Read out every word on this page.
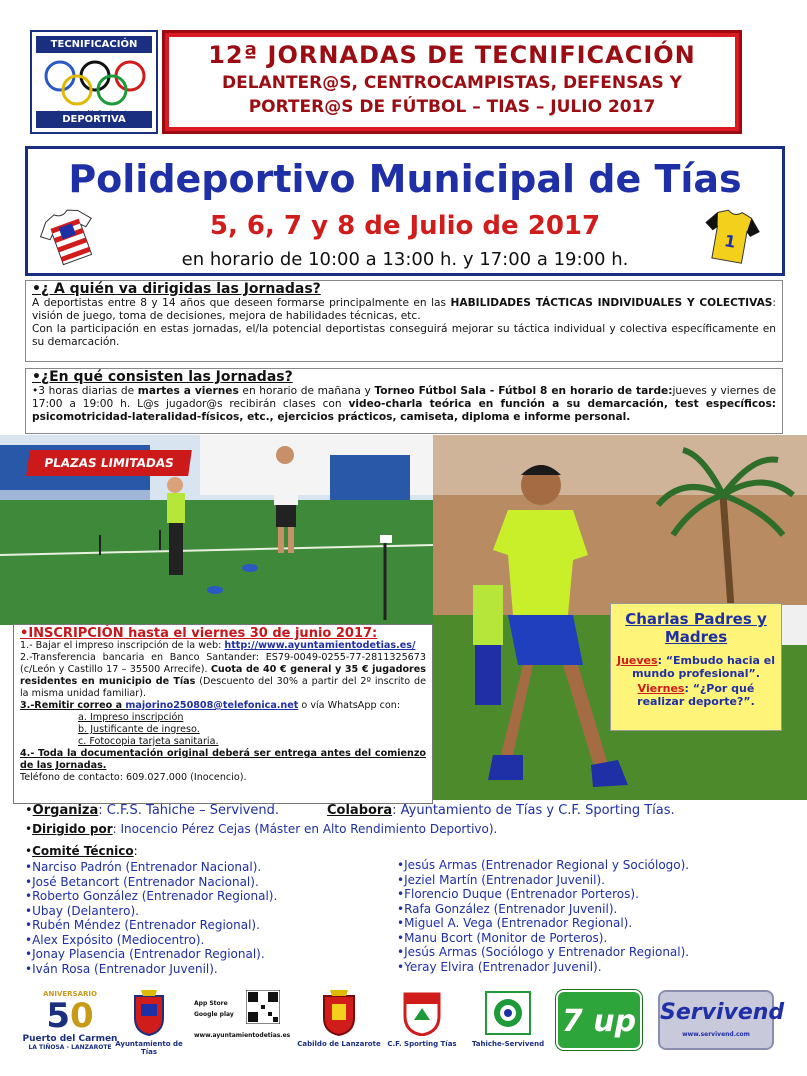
TECNIFICACIÓN
DEPORTIVA
12ª JORNADAS DE TECNIFICACIÓN
DELANTER@S, CENTROCAMPISTAS, DEFENSAS Y
PORTER@S DE FÚTBOL – TIAS – JULIO 2017
Polideportivo Municipal de Tías
5, 6, 7 y 8 de Julio de 2017
en horario de 10:00 a 13:00 h. y 17:00 a 19:00 h.
1
•¿ A quién va dirigidas las Jornadas?

A deportistas entre 8 y 14 años que deseen formarse principalmente en las HABILIDADES TÁCTICAS INDIVIDUALES Y COLECTIVAS: visión de juego, toma de decisiones, mejora de habilidades técnicas, etc.

Con la participación en estas jornadas, el/la potencial deportistas conseguirá mejorar su táctica individual y colectiva específicamente en su demarcación.

•¿En qué consisten las Jornadas?

•3 horas diarias de martes a viernes en horario de mañana y Torneo Fútbol Sala - Fútbol 8 en horario de tarde:jueves y viernes de 17:00 a 19:00 h. L@s jugador@s recibirán clases con video-charla teórica en función a su demarcación, test específicos: psicomotricidad-lateralidad-físicos, etc., ejercicios prácticos, camiseta, diploma e informe personal.

PLAZAS LIMITADAS
•INSCRIPCIÓN hasta el viernes 30 de junio 2017:
1.- Bajar el impreso inscripción de la web: http://www.ayuntamientodetias.es/
2.-Transferencia bancaria en Banco Santander: ES79-0049-0255-77-2811325673 (c/León y Castillo 17 – 35500 Arrecife). Cuota de 40 € general y 35 € jugadores residentes en municipio de Tías (Descuento del 30% a partir del 2º inscrito de la misma unidad familiar).
3.-Remitir correo a majorino250808@telefonica.net o vía WhatsApp con:
a. Impreso inscripción
b. Justificante de ingreso.
c. Fotocopia tarjeta sanitaria.
4.- Toda la documentación original deberá ser entrega antes del comienzo de las Jornadas.
Teléfono de contacto: 609.027.000 (Inocencio).
Charlas Padres y Madres
Jueves: “Embudo hacia el mundo profesional”.
Viernes: “¿Por qué realizar deporte?”.
•Organiza: C.F.S. Tahiche – Servivend.	Colabora: Ayuntamiento de Tías y C.F. Sporting Tías.
•Dirigido por: Inocencio Pérez Cejas (Máster en Alto Rendimiento Deportivo).
•Comité Técnico:
•Narciso Padrón (Entrenador Nacional).
•José Betancort (Entrenador Nacional).
•Roberto González (Entrenador Regional).
•Ubay (Delantero).
•Rubén Méndez (Entrenador Regional).
•Alex Expósito (Mediocentro).
•Jonay Plasencia (Entrenador Regional).
•Iván Rosa (Entrenador Juvenil).
•Jesús Armas (Entrenador Regional y Sociólogo).
•Jeziel Martín (Entrenador Juvenil).
•Florencio Duque (Entrenador Porteros).
•Rafa González (Entrenador Juvenil).
•Miguel A. Vega (Entrenador Regional).
•Manu Bcort (Monitor de Porteros).
•Jesús Armas (Sociólogo y Entrenador Regional).
•Yeray Elvira (Entrenador Juvenil).
ANIVERSARIO
50
Puerto del Carmen
LA TIÑOSA - LANZAROTE Ayuntamiento de Tías
App Store
Google play
www.ayuntamientodetias.es
Cabildo de Lanzarote C.F. Sporting Tías	Tahiche-Servivend
7 up Servivend
www.servivend.com
